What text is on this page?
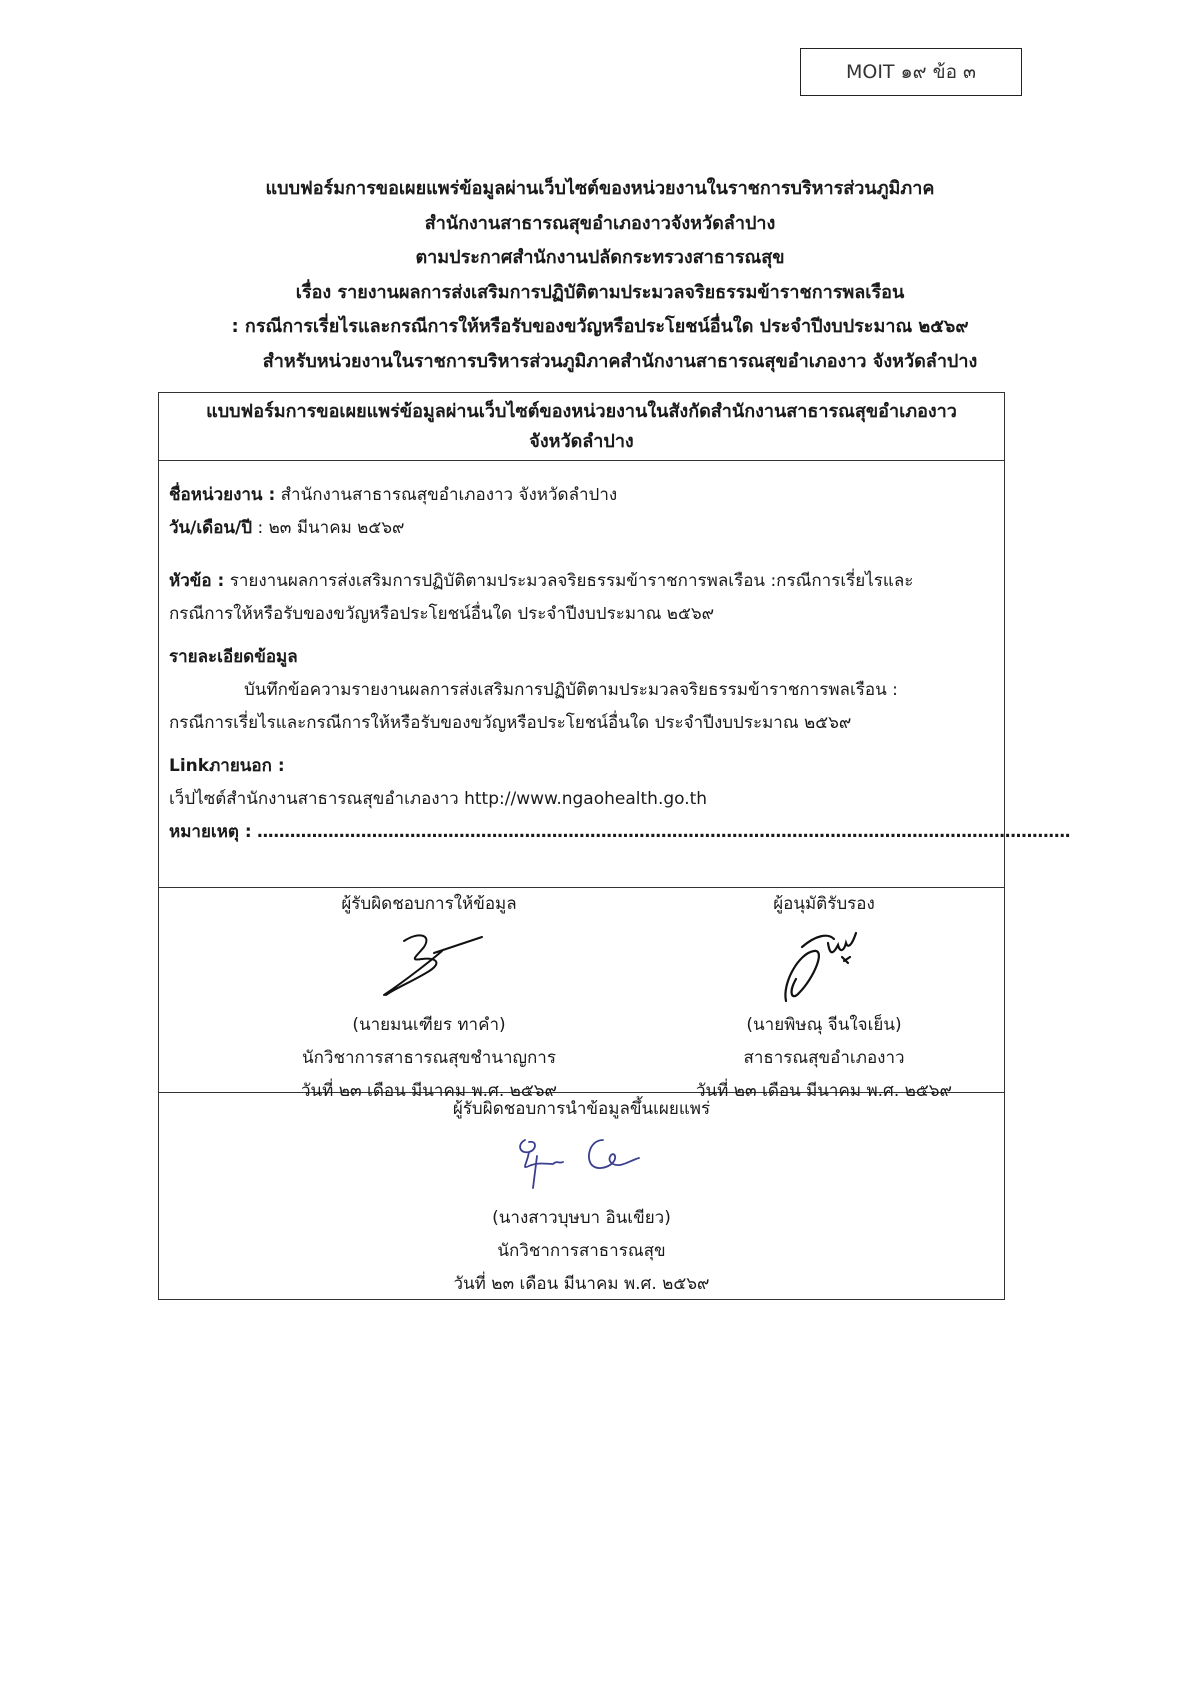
MOIT ๑๙ ข้อ ๓
แบบฟอร์มการขอเผยแพร่ข้อมูลผ่านเว็บไซต์ของหน่วยงานในราชการบริหารส่วนภูมิภาค
สำนักงานสาธารณสุขอำเภองาวจังหวัดลำปาง
ตามประกาศสำนักงานปลัดกระทรวงสาธารณสุข
เรื่อง รายงานผลการส่งเสริมการปฏิบัติตามประมวลจริยธรรมข้าราชการพลเรือน
: กรณีการเรี่ยไรและกรณีการให้หรือรับของขวัญหรือประโยชน์อื่นใด ประจำปีงบประมาณ ๒๕๖๙
สำหรับหน่วยงานในราชการบริหารส่วนภูมิภาคสำนักงานสาธารณสุขอำเภองาว จังหวัดลำปาง
แบบฟอร์มการขอเผยแพร่ข้อมูลผ่านเว็บไซต์ของหน่วยงานในสังกัดสำนักงานสาธารณสุขอำเภองาว
จังหวัดลำปาง
ชื่อหน่วยงาน : สำนักงานสาธารณสุขอำเภองาว จังหวัดลำปาง
วัน/เดือน/ปี : ๒๓ มีนาคม ๒๕๖๙
หัวข้อ : รายงานผลการส่งเสริมการปฏิบัติตามประมวลจริยธรรมข้าราชการพลเรือน :กรณีการเรี่ยไรและ
กรณีการให้หรือรับของขวัญหรือประโยชน์อื่นใด ประจำปีงบประมาณ ๒๕๖๙
รายละเอียดข้อมูล
บันทึกข้อความรายงานผลการส่งเสริมการปฏิบัติตามประมวลจริยธรรมข้าราชการพลเรือน :
กรณีการเรี่ยไรและกรณีการให้หรือรับของขวัญหรือประโยชน์อื่นใด ประจำปีงบประมาณ ๒๕๖๙
Linkภายนอก :
เว็ปไซต์สำนักงานสาธารณสุขอำเภองาว http://www.ngaohealth.go.th
หมายเหตุ : .....................................................................................................................................................
ผู้รับผิดชอบการให้ข้อมูล
(นายมนเฑียร ทาคำ)
นักวิชาการสาธารณสุขชำนาญการ
วันที่ ๒๓ เดือน มีนาคม พ.ศ. ๒๕๖๙
ผู้อนุมัติรับรอง
(นายพิษณุ จีนใจเย็น)
สาธารณสุขอำเภองาว
วันที่ ๒๓ เดือน มีนาคม พ.ศ. ๒๕๖๙
ผู้รับผิดชอบการนำข้อมูลขึ้นเผยแพร่
(นางสาวบุษบา อินเขียว)
นักวิชาการสาธารณสุข
วันที่ ๒๓ เดือน มีนาคม พ.ศ. ๒๕๖๙
